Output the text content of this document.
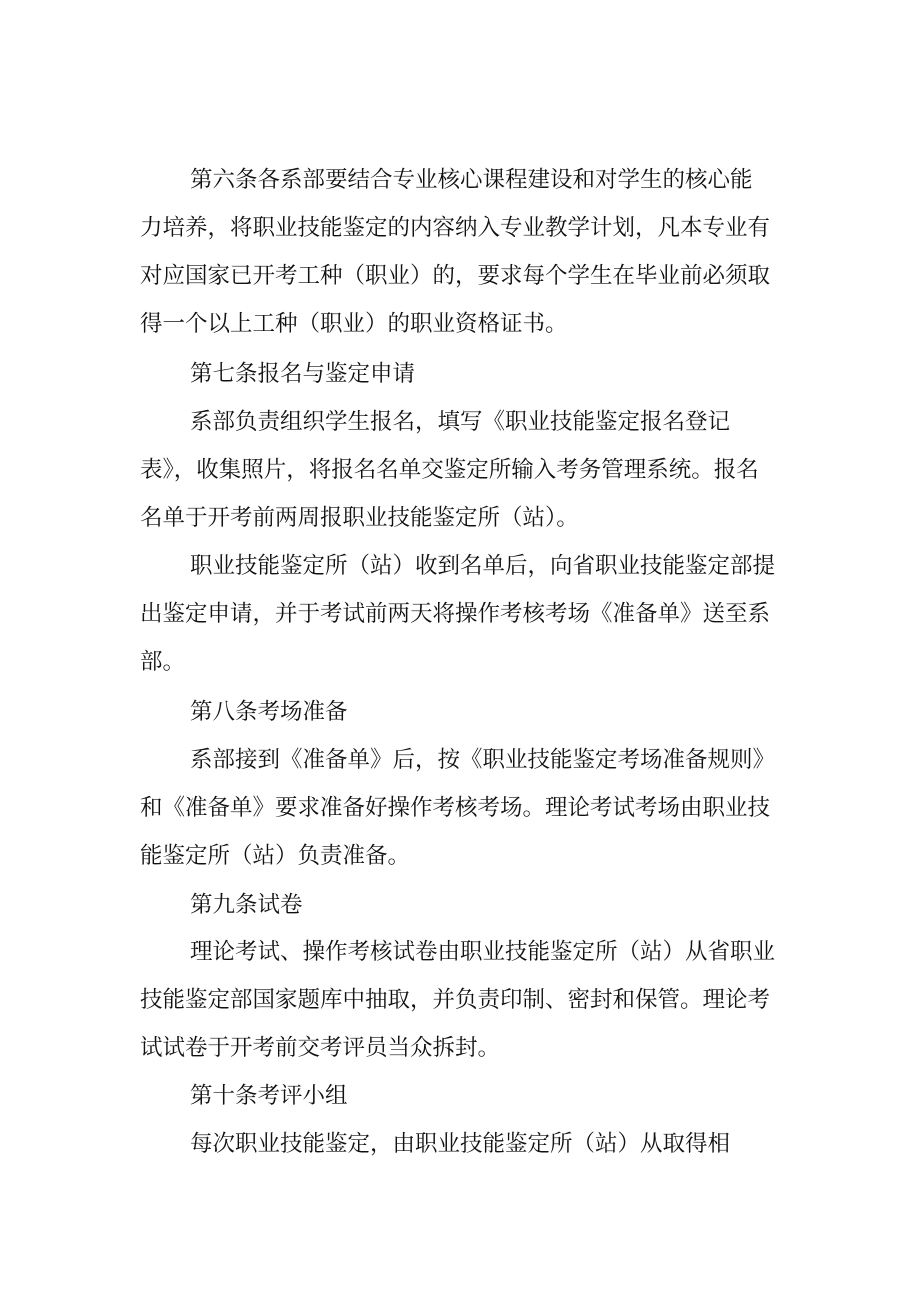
第六条各系部要结合专业核心课程建设和对学生的核心能
力培养，将职业技能鉴定的内容纳入专业教学计划，凡本专业有
对应国家已开考工种（职业）的，要求每个学生在毕业前必须取
得一个以上工种（职业）的职业资格证书。
第七条报名与鉴定申请
系部负责组织学生报名，填写《职业技能鉴定报名登记
表》，收集照片，将报名名单交鉴定所输入考务管理系统。报名
名单于开考前两周报职业技能鉴定所（站）。
职业技能鉴定所（站）收到名单后，向省职业技能鉴定部提
出鉴定申请，并于考试前两天将操作考核考场《准备单》送至系
部。
第八条考场准备
系部接到《准备单》后，按《职业技能鉴定考场准备规则》
和《准备单》要求准备好操作考核考场。理论考试考场由职业技
能鉴定所（站）负责准备。
第九条试卷
理论考试、操作考核试卷由职业技能鉴定所（站）从省职业
技能鉴定部国家题库中抽取，并负责印制、密封和保管。理论考
试试卷于开考前交考评员当众拆封。
第十条考评小组
每次职业技能鉴定，由职业技能鉴定所（站）从取得相
